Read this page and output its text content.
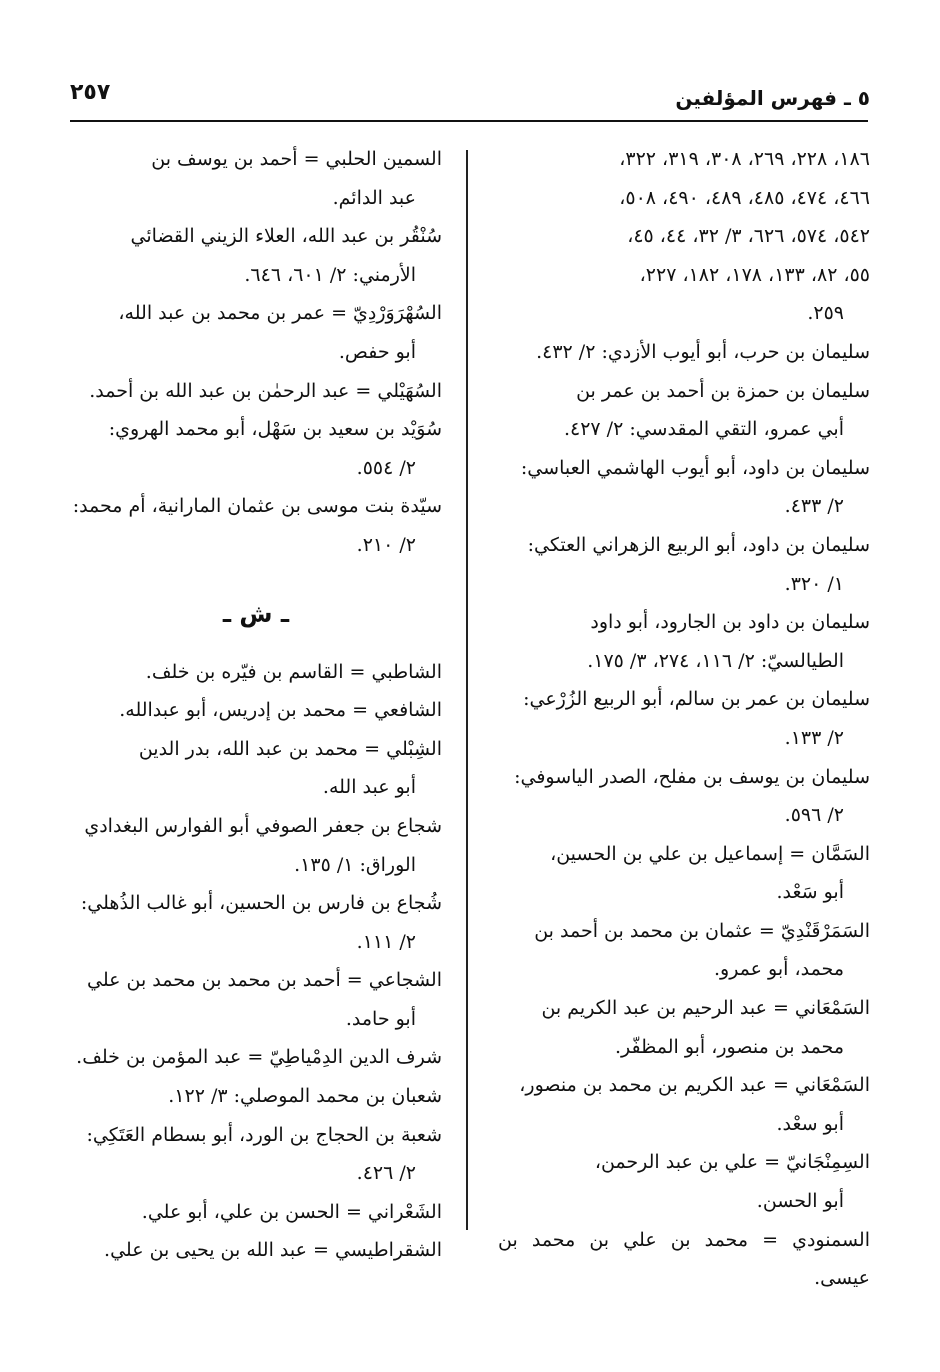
٥ ـ فهرس المؤلفين
٢٥٧

١٨٦، ٢٢٨، ٢٦٩، ٣٠٨، ٣١٩، ٣٢٢،

٤٦٦، ٤٧٤، ٤٨٥، ٤٨٩، ٤٩٠، ٥٠٨،

٥٤٢، ٥٧٤، ٦٢٦، ٣/ ٣٢، ٤٤، ٤٥،

٥٥، ٨٢، ١٣٣، ١٧٨، ١٨٢، ٢٢٧،

٢٥٩.

سليمان بن حرب، أبو أيوب الأزدي: ٢/ ٤٣٢.

سليمان بن حمزة بن أحمد بن عمر بن

أبي عمرو، التقي المقدسي: ٢/ ٤٢٧.

سليمان بن داود، أبو أيوب الهاشمي العباسي:

٢/ ٤٣٣.

سليمان بن داود، أبو الربيع الزهراني العتكي:

١/ ٣٢٠.

سليمان بن داود بن الجارود، أبو داود

الطيالسيّ: ٢/ ١١٦، ٢٧٤، ٣/ ١٧٥.

سليمان بن عمر بن سالم، أبو الربيع الزُرْعي:

٢/ ١٣٣.

سليمان بن يوسف بن مفلح، الصدر الياسوفي:

٢/ ٥٩٦.

السَمَّان = إسماعيل بن علي بن الحسين،

أبو سَعْد.

السَمَرْقَنْدِيّ = عثمان بن محمد بن أحمد بن

محمد، أبو عمرو.

السَمْعَاني = عبد الرحيم بن عبد الكريم بن

محمد بن منصور، أبو المظفّر.

السَمْعَاني = عبد الكريم بن محمد بن منصور،

أبو سعْد.

السِمِنْجَانيّ = علي بن عبد الرحمن،

أبو الحسن.

السمنودي = محمد بن علي بن محمد بن عيسى.

السمين الحلبي = أحمد بن يوسف بن

عبد الدائم.

سُنْقُر بن عبد الله، العلاء الزيني القضائي

الأرمني: ٢/ ٦٠١، ٦٤٦.

السُهْرَوَرْدِيّ = عمر بن محمد بن عبد الله،

أبو حفص.

السُهَيْلي = عبد الرحمٰن بن عبد الله بن أحمد.

سُوَيْد بن سعيد بن سَهْل، أبو محمد الهروي:

٢/ ٥٥٤.

سيّدة بنت موسى بن عثمان المارانية، أم محمد:

٢/ ٢١٠.

ـ ش ـ

الشاطبي = القاسم بن فيّره بن خلف.

الشافعي = محمد بن إدريس، أبو عبدالله.

الشِبْلي = محمد بن عبد الله، بدر الدين

أبو عبد الله.

شجاع بن جعفر الصوفي أبو الفوارس البغدادي

الوراق: ١/ ١٣٥.

شُجاع بن فارس بن الحسين، أبو غالب الذُهلي:

٢/ ١١١.

الشجاعي = أحمد بن محمد بن محمد بن علي

أبو حامد.

شرف الدين الدِمْياطِيّ = عبد المؤمن بن خلف.

شعبان بن محمد الموصلي: ٣/ ١٢٢.

شعبة بن الحجاج بن الورد، أبو بسطام العَتَكِي:

٢/ ٤٢٦.

الشَعْراني = الحسن بن علي، أبو علي.

الشقراطيسي = عبد الله بن يحيى بن علي.
